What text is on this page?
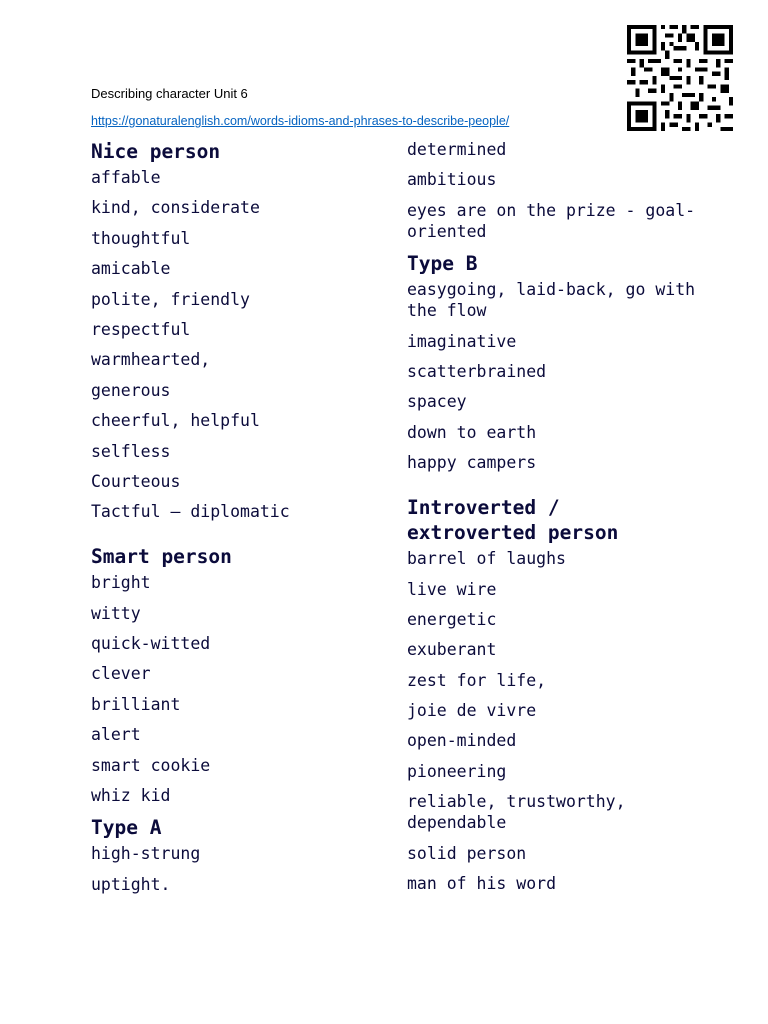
Describing character Unit 6
https://gonaturalenglish.com/words-idioms-and-phrases-to-describe-people/
Nice person
affable
kind, considerate
thoughtful
amicable
polite, friendly
respectful
warmhearted,
generous
cheerful, helpful
selfless
Courteous
Tactful – diplomatic
Smart person
bright
witty
quick-witted
clever
brilliant
alert
smart cookie
whiz kid
Type A
high-strung
uptight.
determined
ambitious
eyes are on the prize - goal-oriented
Type B
easygoing, laid-back, go with the flow
imaginative
scatterbrained
spacey
down to earth
happy campers
Introverted / extroverted person
barrel of laughs
live wire
energetic
exuberant
zest for life,
joie de vivre
open-minded
pioneering
reliable, trustworthy, dependable
solid person
man of his word
